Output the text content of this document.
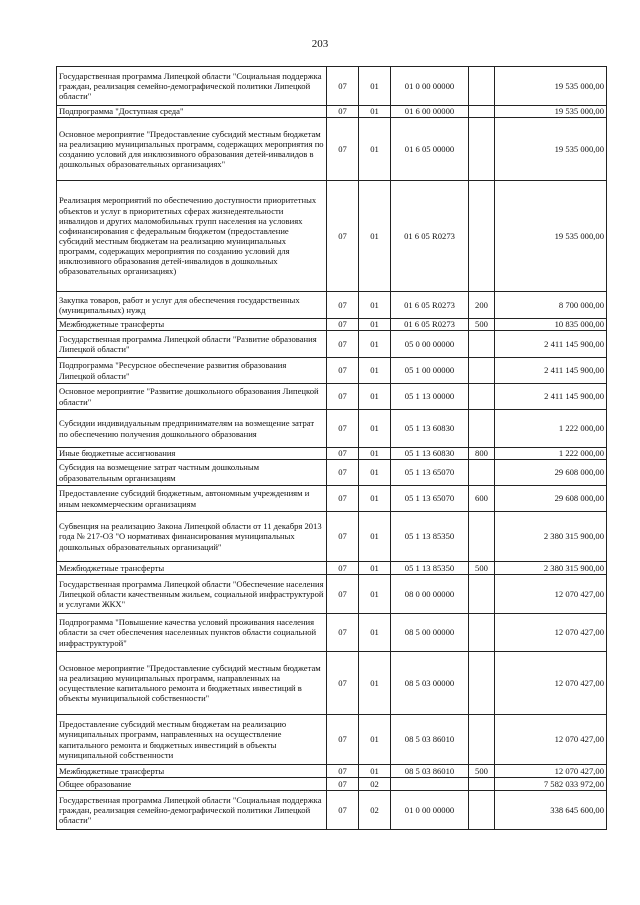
203
Государственная программа Липецкой области "Социальная поддержка граждан, реализация семейно-демографической политики Липецкой области"	07	01	01 0 00 00000		19 535 000,00
Подпрограмма "Доступная среда"	07	01	01 6 00 00000		19 535 000,00
Основное мероприятие "Предоставление субсидий местным бюджетам на реализацию муниципальных программ, содержащих мероприятия по созданию условий для инклюзивного образования детей-инвалидов в дошкольных образовательных организациях"	07	01	01 6 05 00000		19 535 000,00
Реализация мероприятий по обеспечению доступности приоритетных объектов и услуг в приоритетных сферах жизнедеятельности инвалидов и других маломобильных групп населения на условиях софинансирования с федеральным бюджетом (предоставление субсидий местным бюджетам на реализацию муниципальных программ, содержащих мероприятия по созданию условий для инклюзивного образования детей-инвалидов в дошкольных образовательных организациях)	07	01	01 6 05 R0273		19 535 000,00
Закупка товаров, работ и услуг для обеспечения государственных (муниципальных) нужд	07	01	01 6 05 R0273	200	8 700 000,00
Межбюджетные трансферты	07	01	01 6 05 R0273	500	10 835 000,00
Государственная программа Липецкой области "Развитие образования Липецкой области"	07	01	05 0 00 00000		2 411 145 900,00
Подпрограмма "Ресурсное обеспечение развития образования Липецкой области"	07	01	05 1 00 00000		2 411 145 900,00
Основное мероприятие "Развитие дошкольного образования Липецкой области"	07	01	05 1 13 00000		2 411 145 900,00
Субсидии индивидуальным предпринимателям на возмещение затрат по обеспечению получения дошкольного образования	07	01	05 1 13 60830		1 222 000,00
Иные бюджетные ассигнования	07	01	05 1 13 60830	800	1 222 000,00
Субсидия на возмещение затрат частным дошкольным образовательным организациям	07	01	05 1 13 65070		29 608 000,00
Предоставление субсидий бюджетным, автономным учреждениям и иным некоммерческим организациям	07	01	05 1 13 65070	600	29 608 000,00
Субвенция на реализацию Закона Липецкой области от 11 декабря 2013 года № 217-ОЗ "О нормативах финансирования муниципальных дошкольных образовательных организаций"	07	01	05 1 13 85350		2 380 315 900,00
Межбюджетные трансферты	07	01	05 1 13 85350	500	2 380 315 900,00
Государственная программа Липецкой области "Обеспечение населения Липецкой области качественным жильем, социальной инфраструктурой и услугами ЖКХ"	07	01	08 0 00 00000		12 070 427,00
Подпрограмма "Повышение качества условий проживания населения области за счет обеспечения населенных пунктов области социальной инфраструктурой"	07	01	08 5 00 00000		12 070 427,00
Основное мероприятие "Предоставление субсидий местным бюджетам на реализацию муниципальных программ, направленных на осуществление капитального ремонта и бюджетных инвестиций в объекты муниципальной собственности"	07	01	08 5 03 00000		12 070 427,00
Предоставление субсидий местным бюджетам на реализацию муниципальных программ, направленных на осуществление капитального ремонта и бюджетных инвестиций в объекты муниципальной собственности	07	01	08 5 03 86010		12 070 427,00
Межбюджетные трансферты	07	01	08 5 03 86010	500	12 070 427,00
Общее образование	07	02			7 582 033 972,00
Государственная программа Липецкой области "Социальная поддержка граждан, реализация семейно-демографической политики Липецкой области"	07	02	01 0 00 00000		338 645 600,00
